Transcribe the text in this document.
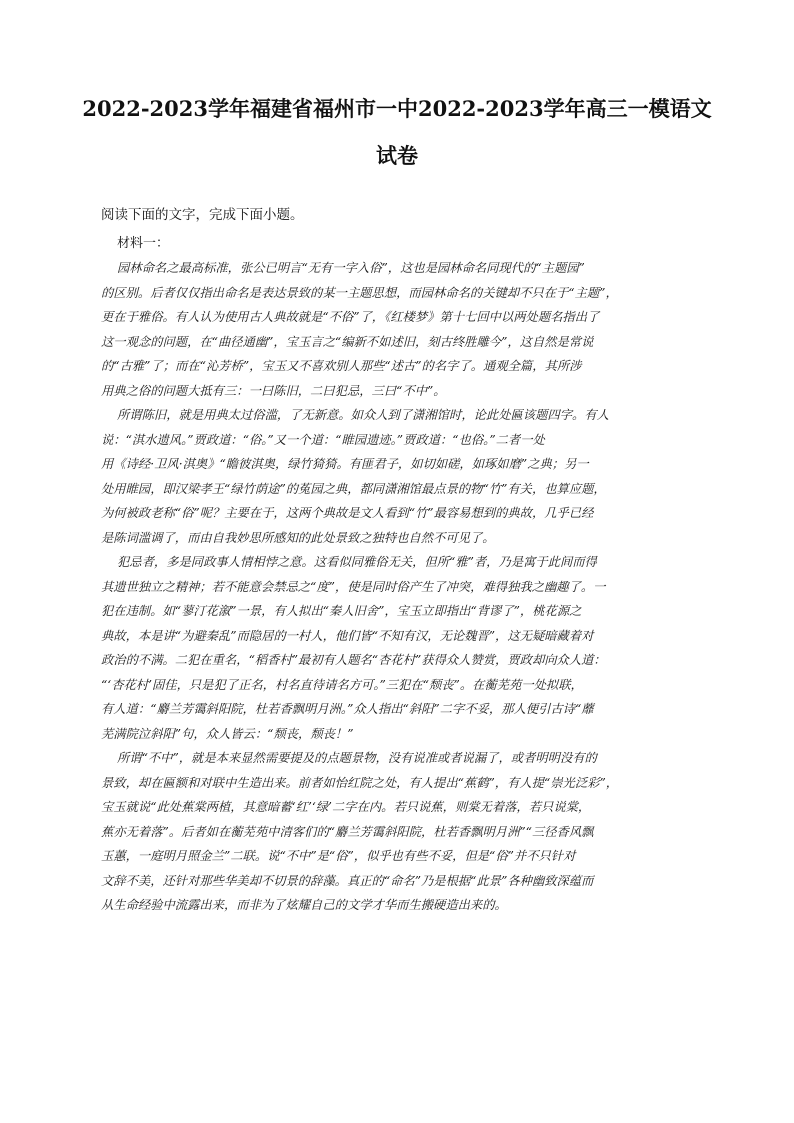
2022-2023学年福建省福州市一中2022-2023学年高三一模语文
试卷
阅读下面的文字，完成下面小题。
材料一：
园林命名之最高标准，张公已明言“无有一字入俗”，这也是园林命名同现代的“主题园”
的区别。后者仅仅指出命名是表达景致的某一主题思想，而园林命名的关键却不只在于“主题”，
更在于雅俗。有人认为使用古人典故就是“不俗”了，《红楼梦》第十七回中以两处题名指出了
这一观念的问题，在“曲径通幽”，宝玉言之“编新不如述旧，刻古终胜雕今”，这自然是常说
的“古雅”了；而在“沁芳桥”，宝玉又不喜欢别人那些“述古”的名字了。通观全篇，其所涉
用典之俗的问题大抵有三：一曰陈旧，二曰犯忌，三曰“不中”。
所谓陈旧，就是用典太过俗滥，了无新意。如众人到了潇湘馆时，论此处匾该题四字。有人
说：“淇水遗风。”贾政道：“俗。”又一个道：“睢园遗迹。”贾政道：“也俗。”二者一处
用《诗经·卫风·淇奥》“瞻彼淇奥，绿竹猗猗。有匪君子，如切如磋，如琢如磨”之典；另一
处用睢园，即汉梁孝王“绿竹荫途”的菟园之典，都同潇湘馆最点景的物“竹”有关，也算应题，
为何被政老称“俗”呢？主要在于，这两个典故是文人看到“竹”最容易想到的典故，几乎已经
是陈词滥调了，而由自我妙思所感知的此处景致之独特也自然不可见了。
犯忌者，多是同政事人情相悖之意。这看似同雅俗无关，但所“雅”者，乃是寓于此间而得
其遗世独立之精神；若不能意会禁忌之“度”，使是同时俗产生了冲突，难得独我之幽趣了。一
犯在违制。如“蓼汀花溆”一景，有人拟出“秦人旧舍”，宝玉立即指出“背谬了”，桃花源之
典故，本是讲“为避秦乱”而隐居的一村人，他们皆“不知有汉，无论魏晋”，这无疑暗藏着对
政治的不满。二犯在重名，“稻香村”最初有人题名“杏花村”获得众人赞赏，贾政却向众人道：
“‘杏花村’固佳，只是犯了正名，村名直待请名方可。”三犯在“颓丧”。在蘅芜苑一处拟联，
有人道：“麝兰芳霭斜阳院，杜若香飘明月洲。”众人指出“斜阳”二字不妥，那人便引古诗“蘼
芜满院泣斜阳”句，众人皆云：“颓丧，颓丧！”
所谓“不中”，就是本来显然需要提及的点题景物，没有说准或者说漏了，或者明明没有的
景致，却在匾额和对联中生造出来。前者如怡红院之处，有人提出“蕉鹤”，有人提“崇光泛彩”，
宝玉就说“此处蕉棠两植，其意暗蓄‘红’‘绿’二字在内。若只说蕉，则棠无着落，若只说棠，
蕉亦无着落”。后者如在蘅芜苑中清客们的“麝兰芳霭斜阳院，杜若香飘明月洲”“三径香风飘
玉蕙，一庭明月照金兰”二联。说“不中”是“俗”，似乎也有些不妥，但是“俗”并不只针对
文辞不美，还针对那些华美却不切景的辞藻。真正的“命名”乃是根据“此景”各种幽致深蕴而
从生命经验中流露出来，而非为了炫耀自己的文学才华而生搬硬造出来的。
